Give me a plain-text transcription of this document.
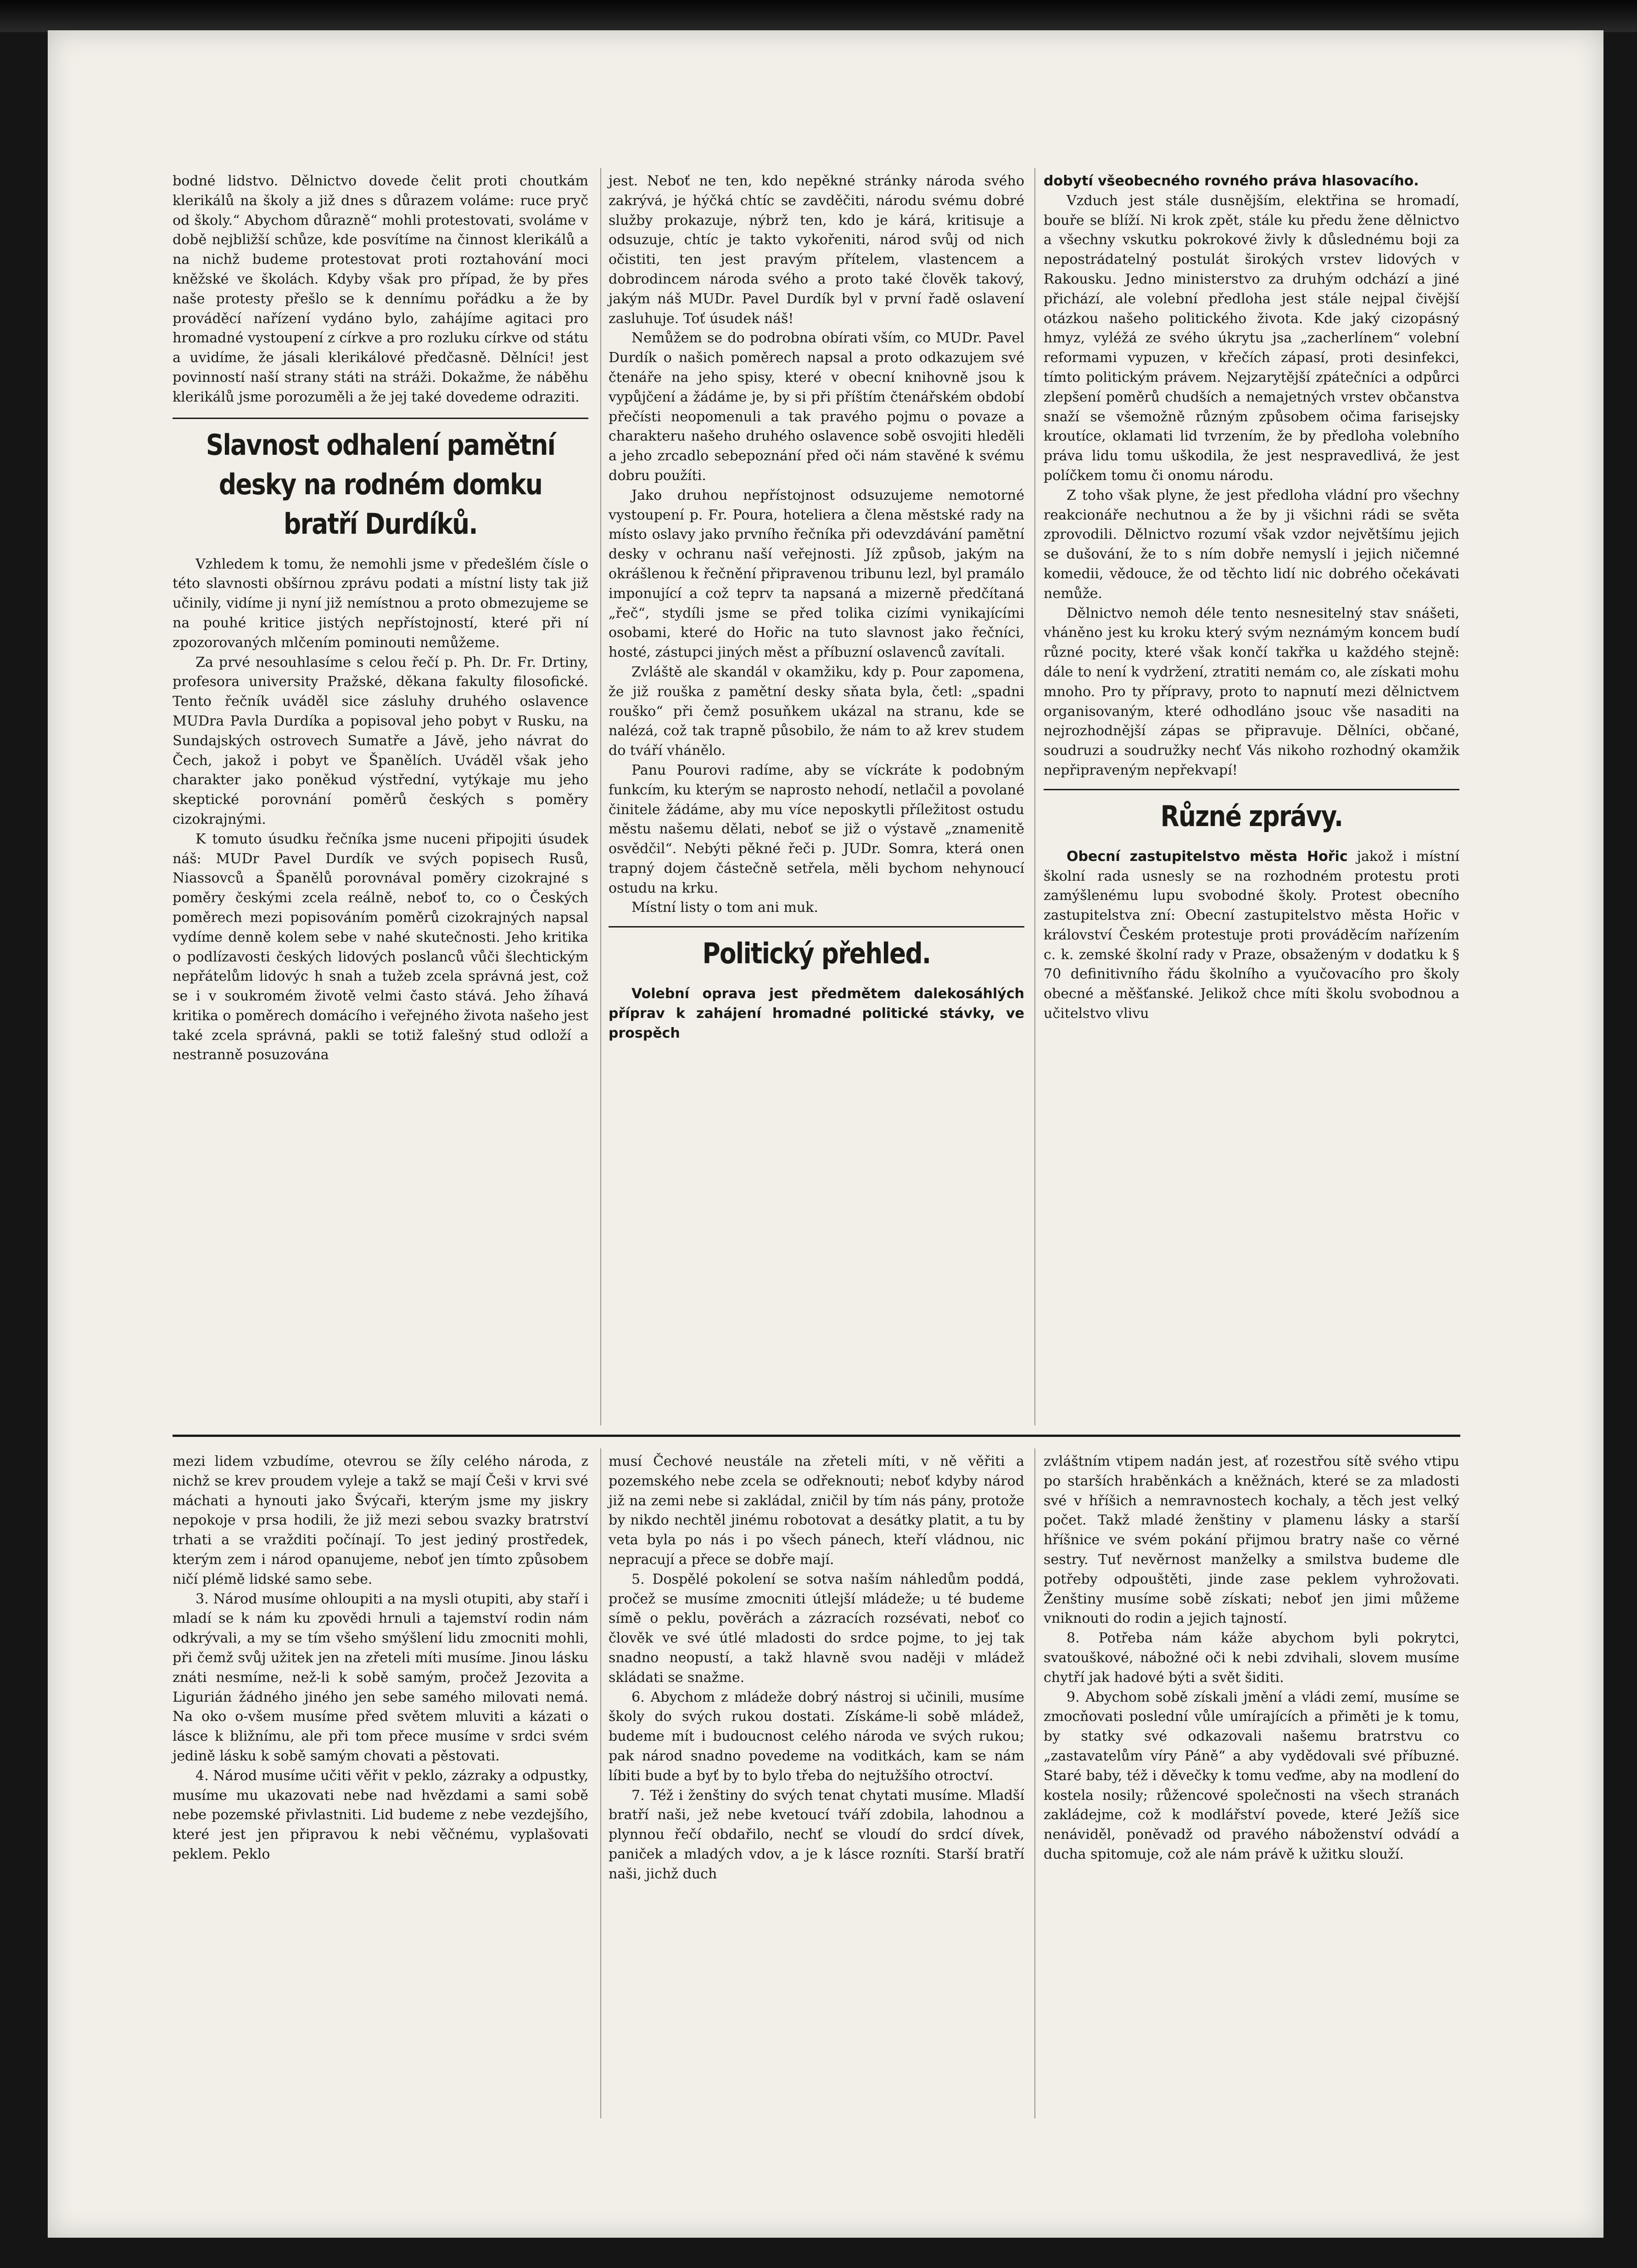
bodné lidstvo. Dělnictvo dovede čelit proti choutkám klerikálů na školy a již dnes s důrazem voláme: ruce pryč od školy.“ Abychom důrazně“ mohli protestovati, svoláme v době nejbližší schůze, kde posvítíme na činnost klerikálů a na nichž budeme protestovat proti roztahování moci kněžské ve školách. Kdyby však pro případ, že by přes naše protesty přešlo se k dennímu pořádku a že by prováděcí nařízení vydáno bylo, zahájíme agitaci pro hromadné vystoupení z církve a pro rozluku církve od státu a uvidíme, že jásali klerikálové předčasně. Dělníci! jest povinností naší strany státi na stráži. Dokažme, že náběhu klerikálů jsme porozuměli a že jej také dovedeme odraziti.

Slavnost odhalení pamětní desky na rodném domku bratří Durdíků.

Vzhledem k tomu, že nemohli jsme v předešlém čísle o této slavnosti obšírnou zprávu podati a místní listy tak již učinily, vidíme ji nyní již nemístnou a proto obmezujeme se na pouhé kritice jistých nepřístojností, které při ní zpozorovaných mlčením pominouti nemůžeme.

Za prvé nesouhlasíme s celou řečí p. Ph. Dr. Fr. Drtiny, profesora university Pražské, děkana fakulty filosofické. Tento řečník uváděl sice zásluhy druhého oslavence MUDra Pavla Durdíka a popisoval jeho pobyt v Rusku, na Sundajských ostrovech Sumatře a Jávě, jeho návrat do Čech, jakož i pobyt ve Španělích. Uváděl však jeho charakter jako poněkud výstřední, vytýkaje mu jeho skeptické porovnání poměrů českých s poměry cizokrajnými.

K tomuto úsudku řečníka jsme nuceni připojiti úsudek náš: MUDr Pavel Durdík ve svých popisech Rusů, Niassovců a Španělů porovnával poměry cizokrajné s poměry českými zcela reálně, neboť to, co o Českých poměrech mezi popisováním poměrů cizokrajných napsal vydíme denně kolem sebe v nahé skutečnosti. Jeho kritika o podlízavosti českých lidových poslanců vůči šlechtickým nepřátelům lidovýc h snah a tužeb zcela správná jest, což se i v soukromém životě velmi často stává. Jeho žíhavá kritika o poměrech domácího i veřejného života našeho jest také zcela správná, pakli se totiž falešný stud odloží a nestranně posuzována

jest. Neboť ne ten, kdo nepěkné stránky národa svého zakrývá, je hýčká chtíc se zavděčiti, národu svému dobré služby prokazuje, nýbrž ten, kdo je kárá, kritisuje a odsuzuje, chtíc je takto vykořeniti, národ svůj od nich očistiti, ten jest pravým přítelem, vlastencem a dobrodincem národa svého a proto také člověk takový, jakým náš MUDr. Pavel Durdík byl v první řadě oslavení zasluhuje. Toť úsudek náš!

Nemůžem se do podrobna obírati vším, co MUDr. Pavel Durdík o našich poměrech napsal a proto odkazujem své čtenáře na jeho spisy, které v obecní knihovně jsou k vypůjčení a žádáme je, by si při příštím čtenářském období přečísti neopomenuli a tak pravého pojmu o povaze a charakteru našeho druhého oslavence sobě osvojiti hleděli a jeho zrcadlo sebepoznání před oči nám stavěné k svému dobru použíti.

Jako druhou nepřístojnost odsuzujeme nemotorné vystoupení p. Fr. Poura, hoteliera a člena městské rady na místo oslavy jako prvního řečníka při odevzdávání pamětní desky v ochranu naší veřejnosti. Jíž způsob, jakým na okrášlenou k řečnění připravenou tribunu lezl, byl pramálo imponující a což teprv ta napsaná a mizerně předčítaná „řeč“, stydíli jsme se před tolika cizími vynikajícími osobami, které do Hořic na tuto slavnost jako řečníci, hosté, zástupci jiných měst a příbuzní oslavenců zavítali.

Zvláště ale skandál v okamžiku, kdy p. Pour zapomena, že již rouška z pamětní desky sňata byla, četl: „spadni rouško“ při čemž posuňkem ukázal na stranu, kde se nalézá, což tak trapně působilo, že nám to až krev studem do tváří vhánělo.

Panu Pourovi radíme, aby se víckráte k podobným funkcím, ku kterým se naprosto nehodí, netlačil a povolané činitele žádáme, aby mu více neposkytli příležitost ostudu městu našemu dělati, neboť se již o výstavě „znamenitě osvědčil“. Nebýti pěkné řeči p. JUDr. Somra, která onen trapný dojem částečně setřela, měli bychom nehynoucí ostudu na krku.

Místní listy o tom ani muk.

Politický přehled.

Volební oprava jest předmětem dalekosáhlých příprav k zahájení hromadné politické stávky, ve prospěch

dobytí všeobecného rovného práva hlasovacího.

Vzduch jest stále dusnějším, elektřina se hromadí, bouře se blíží. Ni krok zpět, stále ku předu žene dělnictvo a všechny vskutku pokrokové živly k důslednému boji za nepostrádatelný postulát širokých vrstev lidových v Rakousku. Jedno ministerstvo za druhým odchází a jiné přichází, ale volební předloha jest stále nejpal čivější otázkou našeho politického života. Kde jaký cizopásný hmyz, vyléžá ze svého úkrytu jsa „zacherlínem“ volební reformami vypuzen, v křečích zápasí, proti desinfekci, tímto politickým právem. Nejzarytější zpátečníci a odpůrci zlepšení poměrů chudších a nemajetných vrstev občanstva snaží se všemožně různým způsobem očima farisejsky kroutíce, oklamati lid tvrzením, že by předloha volebního práva lidu tomu uškodila, že jest nespravedlivá, že jest políčkem tomu či onomu národu.

Z toho však plyne, že jest předloha vládní pro všechny reakcionáře nechutnou a že by ji všichni rádi se světa zprovodili. Dělnictvo rozumí však vzdor největšímu jejich se dušování, že to s ním dobře nemyslí i jejich ničemné komedii, vědouce, že od těchto lidí nic dobrého očekávati nemůže.

Dělnictvo nemoh déle tento nesnesitelný stav snášeti, vháněno jest ku kroku který svým neznámým koncem budí různé pocity, které však končí takřka u každého stejně: dále to není k vydržení, ztratiti nemám co, ale získati mohu mnoho. Pro ty přípravy, proto to napnutí mezi dělnictvem organisovaným, které odhodláno jsouc vše nasaditi na nejrozhodnější zápas se připravuje. Dělníci, občané, soudruzi a soudružky nechť Vás nikoho rozhodný okamžik nepřipraveným nepřekvapí!

Různé zprávy.

Obecní zastupitelstvo města Hořic jakož i místní školní rada usnesly se na rozhodném protestu proti zamýšlenému lupu svobodné školy. Protest obecního zastupitelstva zní: Obecní zastupitelstvo města Hořic v království Českém protestuje proti prováděcím nařízením c. k. zemské školní rady v Praze, obsaženým v dodatku k § 70 definitivního řádu školního a vyučovacího pro školy obecné a měšťanské. Jelikož chce míti školu svobodnou a učitelstvo vlivu

mezi lidem vzbudíme, otevrou se žíly celého národa, z nichž se krev proudem vyleje a takž se mají Češi v krvi své máchati a hynouti jako Švýcaři, kterým jsme my jiskry nepokoje v prsa hodili, že již mezi sebou svazky bratrství trhati a se vražditi počínají. To jest jediný prostředek, kterým zem i národ opanujeme, neboť jen tímto způsobem ničí plémě lidské samo sebe.

3. Národ musíme ohloupiti a na mysli otupiti, aby staří i mladí se k nám ku zpovědi hrnuli a tajemství rodin nám odkrývali, a my se tím všeho smýšlení lidu zmocniti mohli, při čemž svůj užitek jen na zřeteli míti musíme. Jinou lásku znáti nesmíme, než-li k sobě samým, pročež Jezovita a Ligurián žádného jiného jen sebe samého milovati nemá. Na oko o-všem musíme před světem mluviti a kázati o lásce k bližnímu, ale při tom přece musíme v srdci svém jedině lásku k sobě samým chovati a pěstovati.

4. Národ musíme učiti věřit v peklo, zázraky a odpustky, musíme mu ukazovati nebe nad hvězdami a sami sobě nebe pozemské přivlastniti. Lid budeme z nebe vezdejšího, které jest jen připravou k nebi věčnému, vyplašovati peklem. Peklo

musí Čechové neustále na zřeteli míti, v ně věřiti a pozemského nebe zcela se odřeknouti; neboť kdyby národ již na zemi nebe si zakládal, zničil by tím nás pány, protože by nikdo nechtěl jinému robotovat a desátky platit, a tu by veta byla po nás i po všech pánech, kteří vládnou, nic nepracují a přece se dobře mají.

5. Dospělé pokolení se sotva naším náhledům poddá, pročež se musíme zmocniti útlejší mládeže; u té budeme símě o peklu, pověrách a zázracích rozsévati, neboť co člověk ve své útlé mladosti do srdce pojme, to jej tak snadno neopustí, a takž hlavně svou naději v mládež skládati se snažme.

6. Abychom z mládeže dobrý nástroj si učinili, musíme školy do svých rukou dostati. Získáme-li sobě mládež, budeme mít i budoucnost celého národa ve svých rukou; pak národ snadno povedeme na voditkách, kam se nám líbiti bude a byť by to bylo třeba do nejtužšího otroctví.

7. Též i ženštiny do svých tenat chytati musíme. Mladší bratří naši, jež nebe kvetoucí tváří zdobila, lahodnou a plynnou řečí obdařilo, nechť se vloudí do srdcí dívek, paniček a mladých vdov, a je k lásce rozníti. Starší bratří naši, jichž duch

zvláštním vtipem nadán jest, ať rozestřou sítě svého vtipu po starších hraběnkách a kněžnách, které se za mladosti své v hříšich a nemravnostech kochaly, a těch jest velký počet. Takž mladé ženštiny v plamenu lásky a starší hříšnice ve svém pokání přijmou bratry naše co věrné sestry. Tuť nevěrnost manželky a smilstva budeme dle potřeby odpouštěti, jinde zase peklem vyhrožovati. Ženštiny musíme sobě získati; neboť jen jimi můžeme vniknouti do rodin a jejich tajností.

8. Potřeba nám káže abychom byli pokrytci, svatouškové, nábožné oči k nebi zdvihali, slovem musíme chytří jak hadové býti a svět šiditi.

9. Abychom sobě získali jmění a vládi zemí, musíme se zmocňovati poslední vůle umírajících a přiměti je k tomu, by statky své odkazovali našemu bratrstvu co „zastavatelům víry Páně“ a aby vydědovali své příbuzné. Staré baby, též i děvečky k tomu veďme, aby na modlení do kostela nosily; růžencové společnosti na všech stranách zakládejme, což k modlářství povede, které Ježíš sice nenáviděl, poněvadž od pravého náboženství odvádí a ducha spitomuje, což ale nám právě k užitku slouží.
